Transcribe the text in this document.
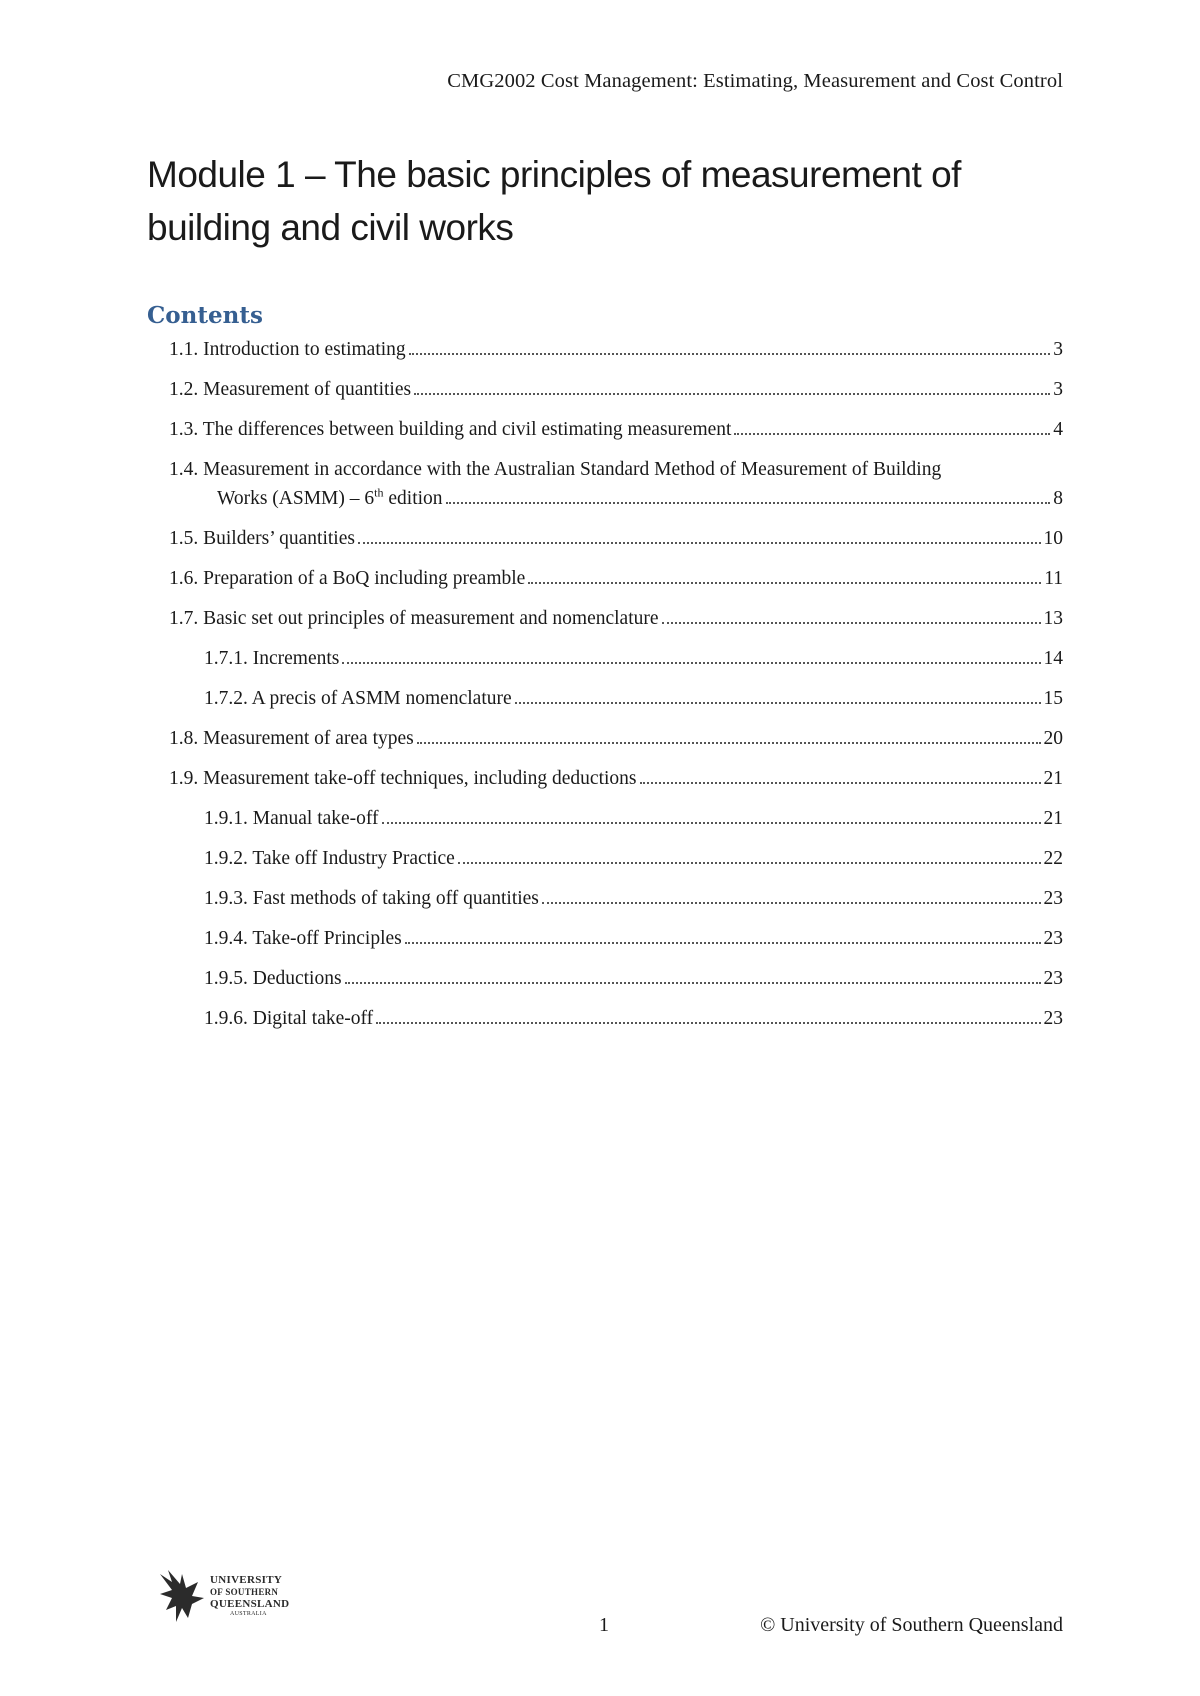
CMG2002 Cost Management: Estimating, Measurement and Cost Control
Module 1 – The basic principles of measurement of building and civil works
Contents
1.1. Introduction to estimating	3
1.2. Measurement of quantities	3
1.3. The differences between building and civil estimating measurement	4
1.4. Measurement in accordance with the Australian Standard Method of Measurement of Building
Works (ASMM) – 6th edition	8
1.5. Builders’ quantities	10
1.6. Preparation of a BoQ including preamble	11
1.7. Basic set out principles of measurement and nomenclature	13
1.7.1. Increments	14
1.7.2. A precis of ASMM nomenclature	15
1.8. Measurement of area types	20
1.9. Measurement take-off techniques, including deductions	21
1.9.1. Manual take-off	21
1.9.2. Take off Industry Practice	22
1.9.3. Fast methods of taking off quantities	23
1.9.4. Take-off Principles	23
1.9.5. Deductions	23
1.9.6. Digital take-off	23
UNIVERSITY
OF SOUTHERN
QUEENSLAND
AUSTRALIA	1	© University of Southern Queensland
